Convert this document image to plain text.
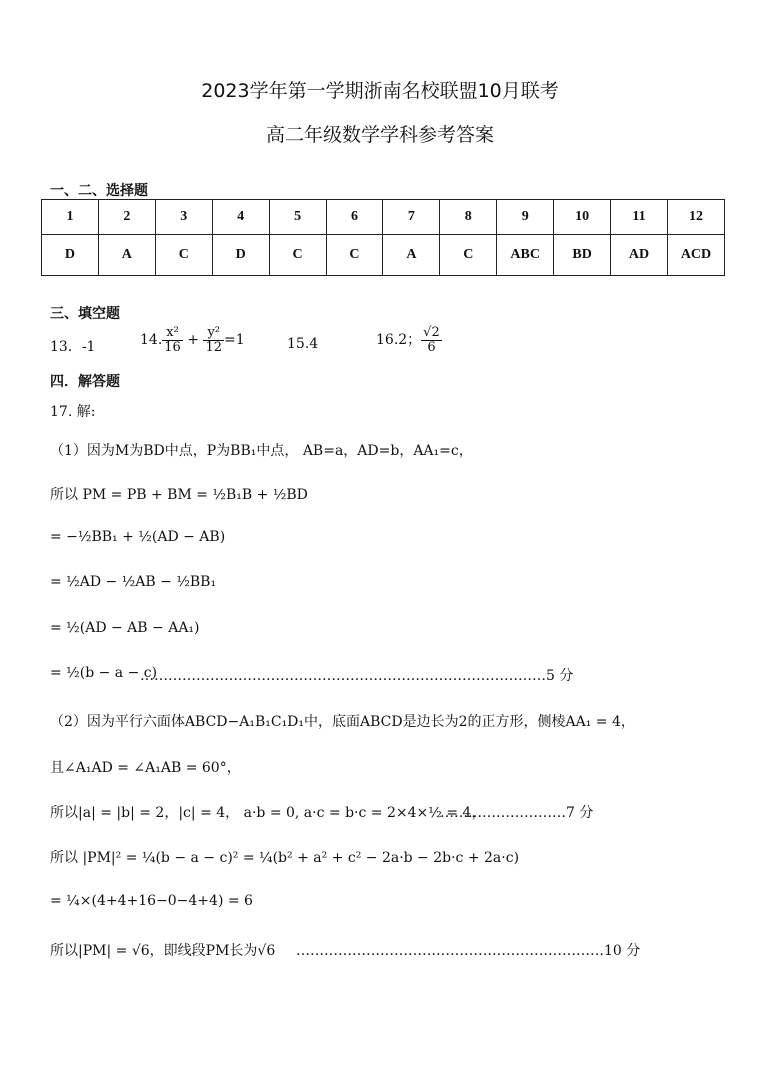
2023学年第一学期浙南名校联盟10月联考
高二年级数学学科参考答案
一、二、选择题
1	2	3	4	5	6	7	8	9	10	11	12
D	A	C	D	C	C	A	C	ABC	BD	AD	ACD
三、填空题
13．-1	14. $\frac{\text{x²}}{16} + \frac{\text{y²}}{12} =1$	15.4	16.2； $\frac{√2}{6}$
四．解答题
17. 解:
（1）因为M为BD中点，P为BB₁中点， AB=a，AD=b，AA₁=c，
所以 PM = PB + BM = ½B₁B + ½BD
= −½BB₁ + ½(AD − AB)
= ½AD − ½AB − ½BB₁
= ½(AD − AB − AA₁)
= ½(b − a − c)
……………………………………………………………………………5 分
（2）因为平行六面体ABCD−A₁B₁C₁D₁中，底面ABCD是边长为2的正方形，侧棱AA₁ = 4，
且∠A₁AD = ∠A₁AB = 60°，
所以|a| = |b| = 2，|c| = 4， a·b = 0, a·c = b·c = 2×4×½ = 4，
………………………7 分
所以 |PM|² = ¼(b − a − c)² = ¼(b² + a² + c² − 2a·b − 2b·c + 2a·c)
= ¼×(4+4+16−0−4+4) = 6
所以|PM| = √6，即线段PM长为√6 …………………………………………………………10 分
